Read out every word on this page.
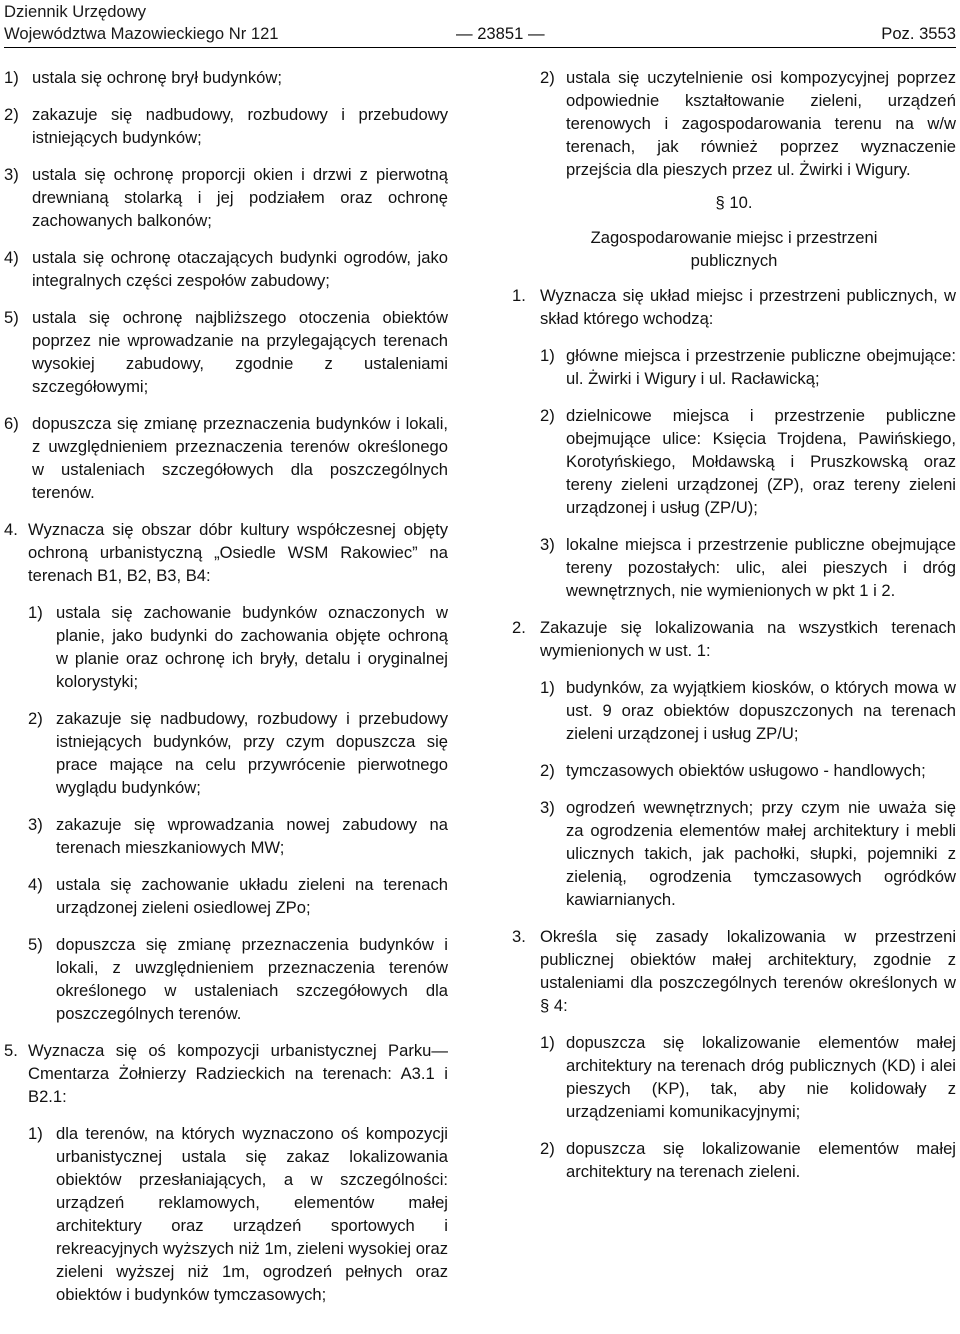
Dziennik Urzędowy
Województwa Mazowieckiego Nr 121	— 23851 —	Poz. 3553
1) ustala się ochronę brył budynków;
2) zakazuje się nadbudowy, rozbudowy i przebudowy istniejących budynków;
3) ustala się ochronę proporcji okien i drzwi z pierwotną drewnianą stolarką i jej podziałem oraz ochronę zachowanych balkonów;
4) ustala się ochronę otaczających budynki ogrodów, jako integralnych części zespołów zabudowy;
5) ustala się ochronę najbliższego otoczenia obiektów poprzez nie wprowadzanie na przylegających terenach wysokiej zabudowy, zgodnie z ustaleniami szczegółowymi;
6) dopuszcza się zmianę przeznaczenia budynków i lokali, z uwzględnieniem przeznaczenia terenów określonego w ustaleniach szczegółowych dla poszczególnych terenów.
4. Wyznacza się obszar dóbr kultury współczesnej objęty ochroną urbanistyczną „Osiedle WSM Rakowiec” na terenach B1, B2, B3, B4:
1) ustala się zachowanie budynków oznaczonych w planie, jako budynki do zachowania objęte ochroną w planie oraz ochronę ich bryły, detalu i oryginalnej kolorystyki;
2) zakazuje się nadbudowy, rozbudowy i przebudowy istniejących budynków, przy czym dopuszcza się prace mające na celu przywrócenie pierwotnego wyglądu budynków;
3) zakazuje się wprowadzania nowej zabudowy na terenach mieszkaniowych MW;
4) ustala się zachowanie układu zieleni na terenach urządzonej zieleni osiedlowej ZPo;
5) dopuszcza się zmianę przeznaczenia budynków i lokali, z uwzględnieniem przeznaczenia terenów określonego w ustaleniach szczegółowych dla poszczególnych terenów.
5. Wyznacza się oś kompozycji urbanistycznej Parku—Cmentarza Żołnierzy Radzieckich na terenach: A3.1 i B2.1:
1) dla terenów, na których wyznaczono oś kompozycji urbanistycznej ustala się zakaz lokalizowania obiektów przesłaniających, a w szczególności: urządzeń reklamowych, elementów małej architektury oraz urządzeń sportowych i rekreacyjnych wyższych niż 1m, zieleni wysokiej oraz zieleni wyższej niż 1m, ogrodzeń pełnych oraz obiektów i budynków tymczasowych;
2) ustala się uczytelnienie osi kompozycyjnej poprzez odpowiednie kształtowanie zieleni, urządzeń terenowych i zagospodarowania terenu na w/w terenach, jak również poprzez wyznaczenie przejścia dla pieszych przez ul. Żwirki i Wigury.
§ 10.
Zagospodarowanie miejsc i przestrzeni publicznych
1. Wyznacza się układ miejsc i przestrzeni publicznych, w skład którego wchodzą:
1) główne miejsca i przestrzenie publiczne obejmujące: ul. Żwirki i Wigury i ul. Racławicką;
2) dzielnicowe miejsca i przestrzenie publiczne obejmujące ulice: Księcia Trojdena, Pawińskiego, Korotyńskiego, Mołdawską i Pruszkowską oraz tereny zieleni urządzonej (ZP), oraz tereny zieleni urządzonej i usług (ZP/U);
3) lokalne miejsca i przestrzenie publiczne obejmujące tereny pozostałych: ulic, alei pieszych i dróg wewnętrznych, nie wymienionych w pkt 1 i 2.
2. Zakazuje się lokalizowania na wszystkich terenach wymienionych w ust. 1:
1) budynków, za wyjątkiem kiosków, o których mowa w ust. 9 oraz obiektów dopuszczonych na terenach zieleni urządzonej i usług ZP/U;
2) tymczasowych obiektów usługowo - handlowych;
3) ogrodzeń wewnętrznych; przy czym nie uważa się za ogrodzenia elementów małej architektury i mebli ulicznych takich, jak pachołki, słupki, pojemniki z zielenią, ogrodzenia tymczasowych ogródków kawiarnianych.
3. Określa się zasady lokalizowania w przestrzeni publicznej obiektów małej architektury, zgodnie z ustaleniami dla poszczególnych terenów określonych w § 4:
1) dopuszcza się lokalizowanie elementów małej architektury na terenach dróg publicznych (KD) i alei pieszych (KP), tak, aby nie kolidowały z urządzeniami komunikacyjnymi;
2) dopuszcza się lokalizowanie elementów małej architektury na terenach zieleni.
